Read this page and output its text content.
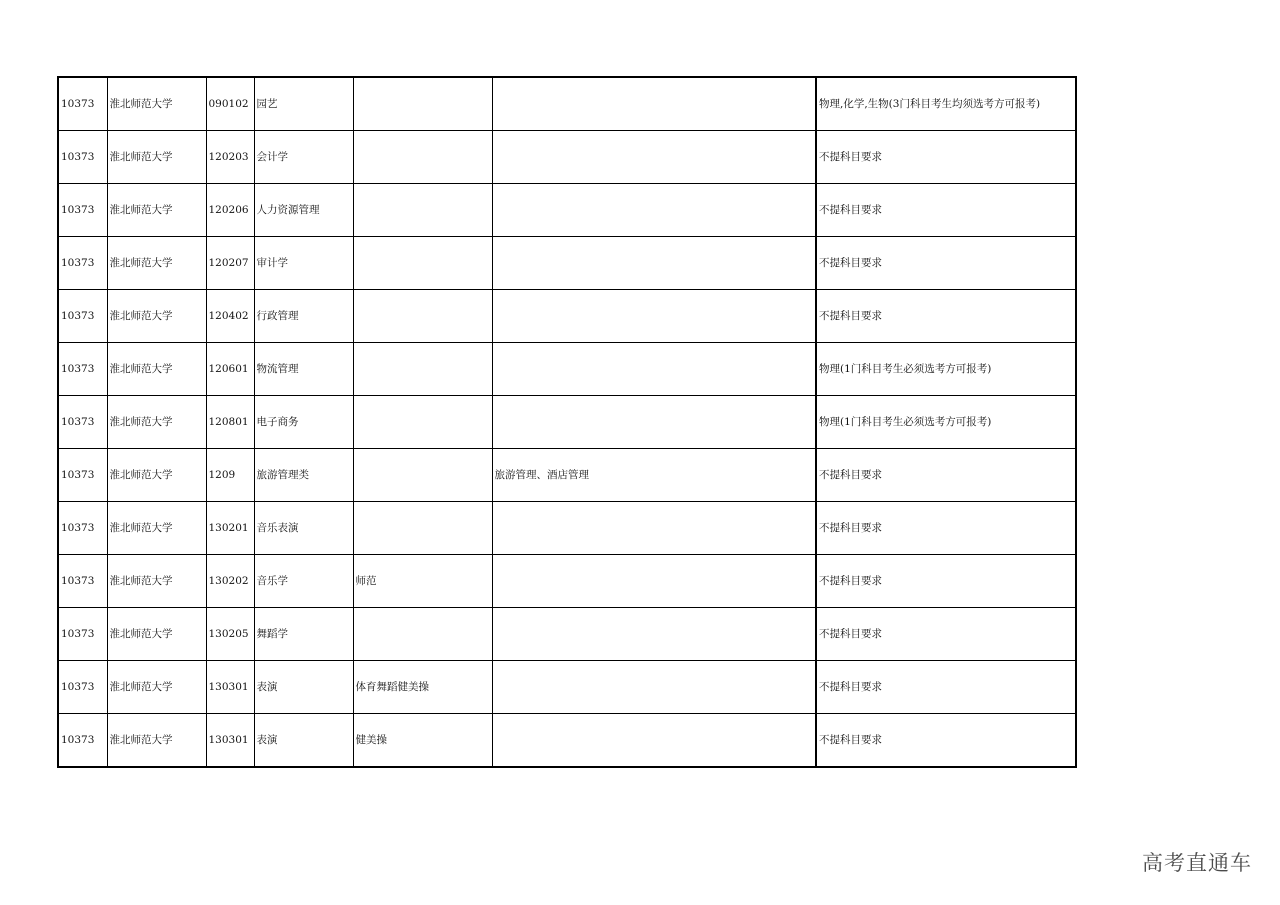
10373	淮北师范大学	090102	园艺			物理,化学,生物(3门科目考生均须选考方可报考)
10373	淮北师范大学	120203	会计学			不提科目要求
10373	淮北师范大学	120206	人力资源管理			不提科目要求
10373	淮北师范大学	120207	审计学			不提科目要求
10373	淮北师范大学	120402	行政管理			不提科目要求
10373	淮北师范大学	120601	物流管理			物理(1门科目考生必须选考方可报考)
10373	淮北师范大学	120801	电子商务			物理(1门科目考生必须选考方可报考)
10373	淮北师范大学	1209	旅游管理类		旅游管理、酒店管理	不提科目要求
10373	淮北师范大学	130201	音乐表演			不提科目要求
10373	淮北师范大学	130202	音乐学	师范		不提科目要求
10373	淮北师范大学	130205	舞蹈学			不提科目要求
10373	淮北师范大学	130301	表演	体育舞蹈健美操		不提科目要求
10373	淮北师范大学	130301	表演	健美操		不提科目要求
高考直通车
